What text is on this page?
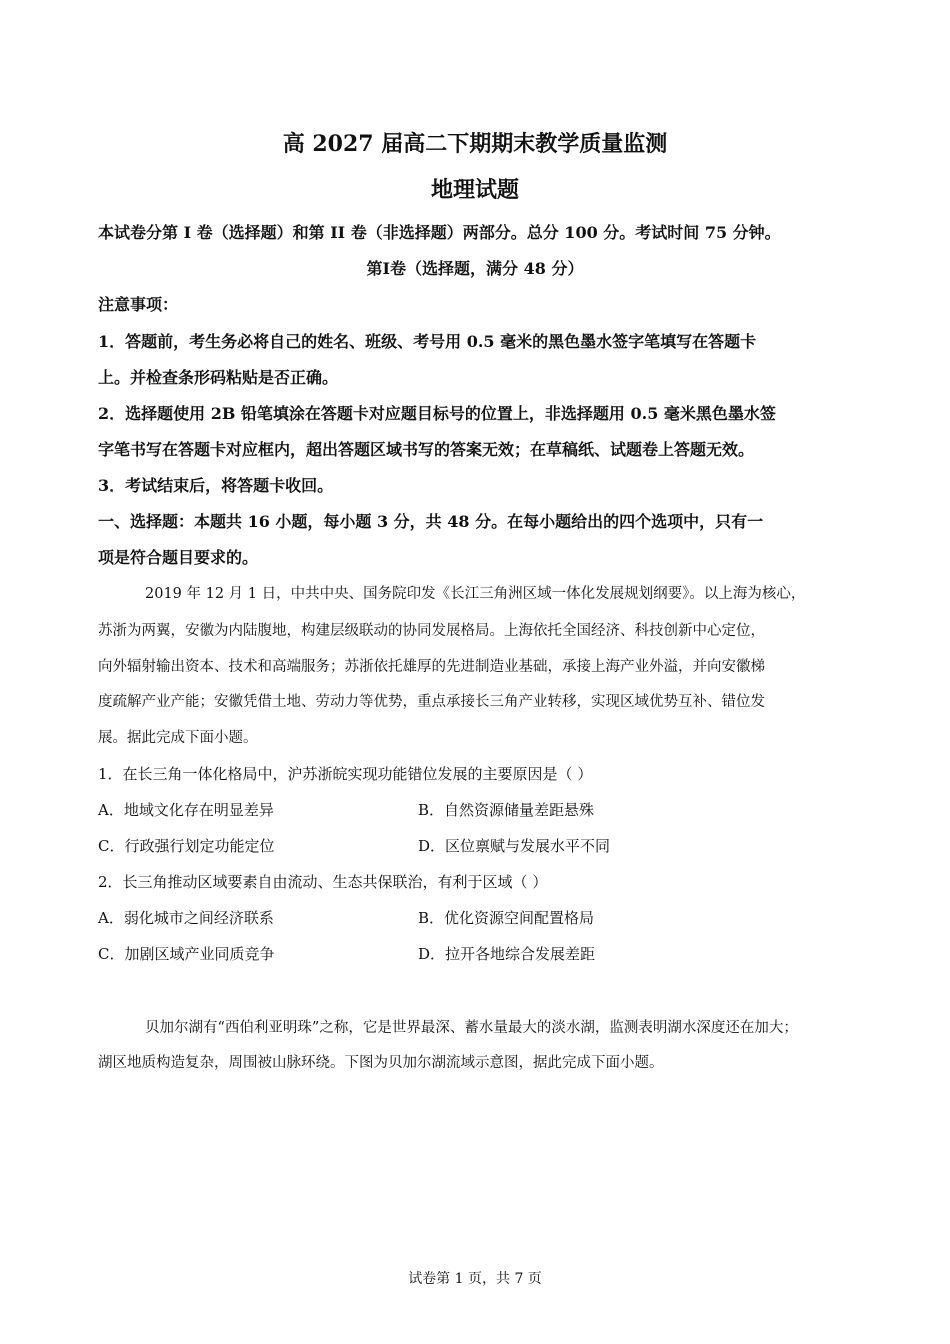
高 2027 届高二下期期末教学质量监测
地理试题
本试卷分第 I 卷（选择题）和第 II 卷（非选择题）两部分。总分 100 分。考试时间 75 分钟。
第Ⅰ卷（选择题，满分 48 分）
注意事项：
1．答题前，考生务必将自己的姓名、班级、考号用 0.5 毫米的黑色墨水签字笔填写在答题卡
上。并检查条形码粘贴是否正确。
2．选择题使用 2B 铅笔填涂在答题卡对应题目标号的位置上，非选择题用 0.5 毫米黑色墨水签
字笔书写在答题卡对应框内，超出答题区域书写的答案无效；在草稿纸、试题卷上答题无效。
3．考试结束后，将答题卡收回。
一、选择题：本题共 16 小题，每小题 3 分，共 48 分。在每小题给出的四个选项中，只有一
项是符合题目要求的。
2019 年 12 月 1 日，中共中央、国务院印发《长江三角洲区域一体化发展规划纲要》。以上海为核心，
苏浙为两翼，安徽为内陆腹地，构建层级联动的协同发展格局。上海依托全国经济、科技创新中心定位，
向外辐射输出资本、技术和高端服务；苏浙依托雄厚的先进制造业基础，承接上海产业外溢，并向安徽梯
度疏解产业产能；安徽凭借土地、劳动力等优势，重点承接长三角产业转移，实现区域优势互补、错位发
展。据此完成下面小题。
1．在长三角一体化格局中，沪苏浙皖实现功能错位发展的主要原因是（ ）
A．地域文化存在明显差异	B．自然资源储量差距悬殊
C．行政强行划定功能定位	D．区位禀赋与发展水平不同
2．长三角推动区域要素自由流动、生态共保联治，有利于区域（ ）
A．弱化城市之间经济联系	B．优化资源空间配置格局
C．加剧区域产业同质竞争	D．拉开各地综合发展差距
贝加尔湖有“西伯利亚明珠”之称，它是世界最深、蓄水量最大的淡水湖，监测表明湖水深度还在加大；
湖区地质构造复杂，周围被山脉环绕。下图为贝加尔湖流域示意图，据此完成下面小题。
试卷第 1 页，共 7 页
